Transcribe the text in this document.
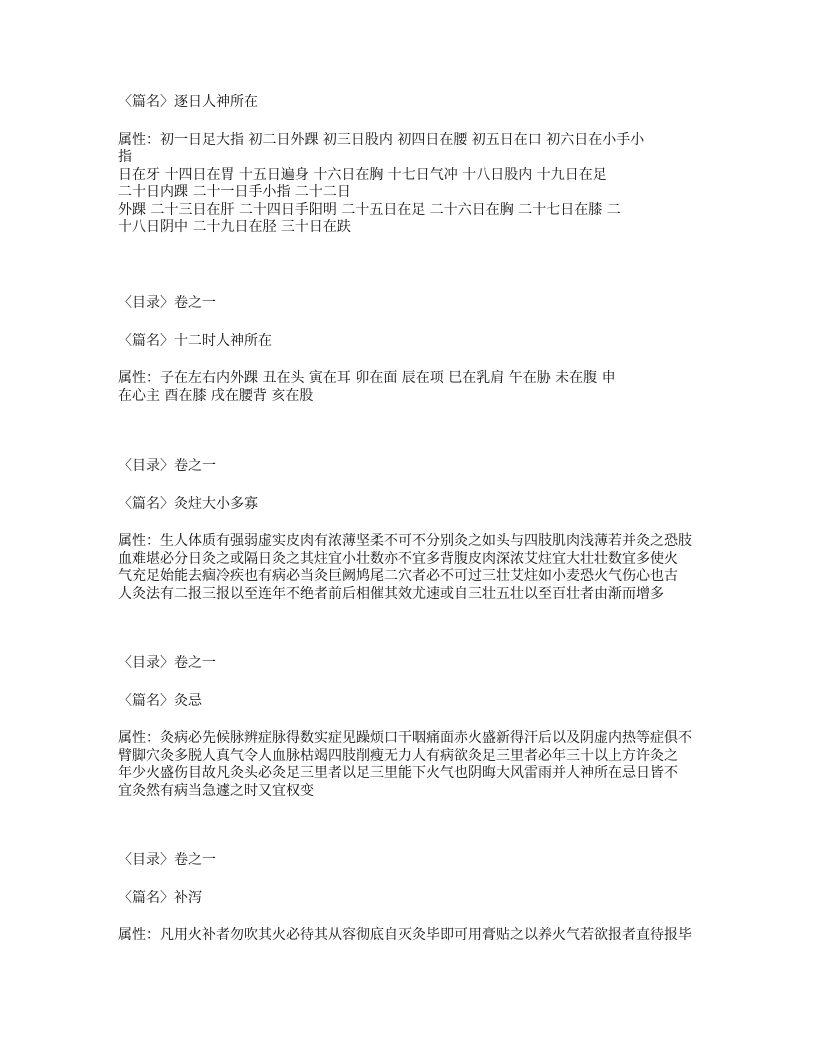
〈篇名〉逐日人神所在
属性：初一日足大指 初二日外踝 初三日股内 初四日在腰 初五日在口 初六日在小手小
指
日在牙 十四日在胃 十五日遍身 十六日在胸 十七日气冲 十八日股内 十九日在足
二十日内踝 二十一日手小指 二十二日
外踝 二十三日在肝 二十四日手阳明 二十五日在足 二十六日在胸 二十七日在膝 二
十八日阴中 二十九日在胫 三十日在趺
〈目录〉卷之一
〈篇名〉十二时人神所在
属性：子在左右内外踝 丑在头 寅在耳 卯在面 辰在项 巳在乳肩 午在胁 未在腹 申
在心主 酉在膝 戌在腰背 亥在股
〈目录〉卷之一
〈篇名〉灸炷大小多寡
属性：生人体质有强弱虚实皮肉有浓薄坚柔不可不分别灸之如头与四肢肌肉浅薄若并灸之恐肢
血难堪必分日灸之或隔日灸之其炷宜小壮数亦不宜多背腹皮肉深浓艾炷宜大壮壮数宜多使火
气充足始能去痼冷疾也有病必当灸巨阙鸠尾二穴者必不可过三壮艾炷如小麦恐火气伤心也古
人灸法有二报三报以至连年不绝者前后相催其效尤速或自三壮五壮以至百壮者由渐而增多
〈目录〉卷之一
〈篇名〉灸忌
属性：灸病必先候脉辨症脉得数实症见躁烦口干咽痛面赤火盛新得汗后以及阴虚内热等症俱不
臂脚穴灸多脱人真气令人血脉枯竭四肢削瘦无力人有病欲灸足三里者必年三十以上方许灸之
年少火盛伤目故凡灸头必灸足三里者以足三里能下火气也阴晦大风雷雨并人神所在忌日皆不
宜灸然有病当急遽之时又宜权变
〈目录〉卷之一
〈篇名〉补泻
属性：凡用火补者勿吹其火必待其从容彻底自灭灸毕即可用膏贴之以养火气若欲报者直待报毕
